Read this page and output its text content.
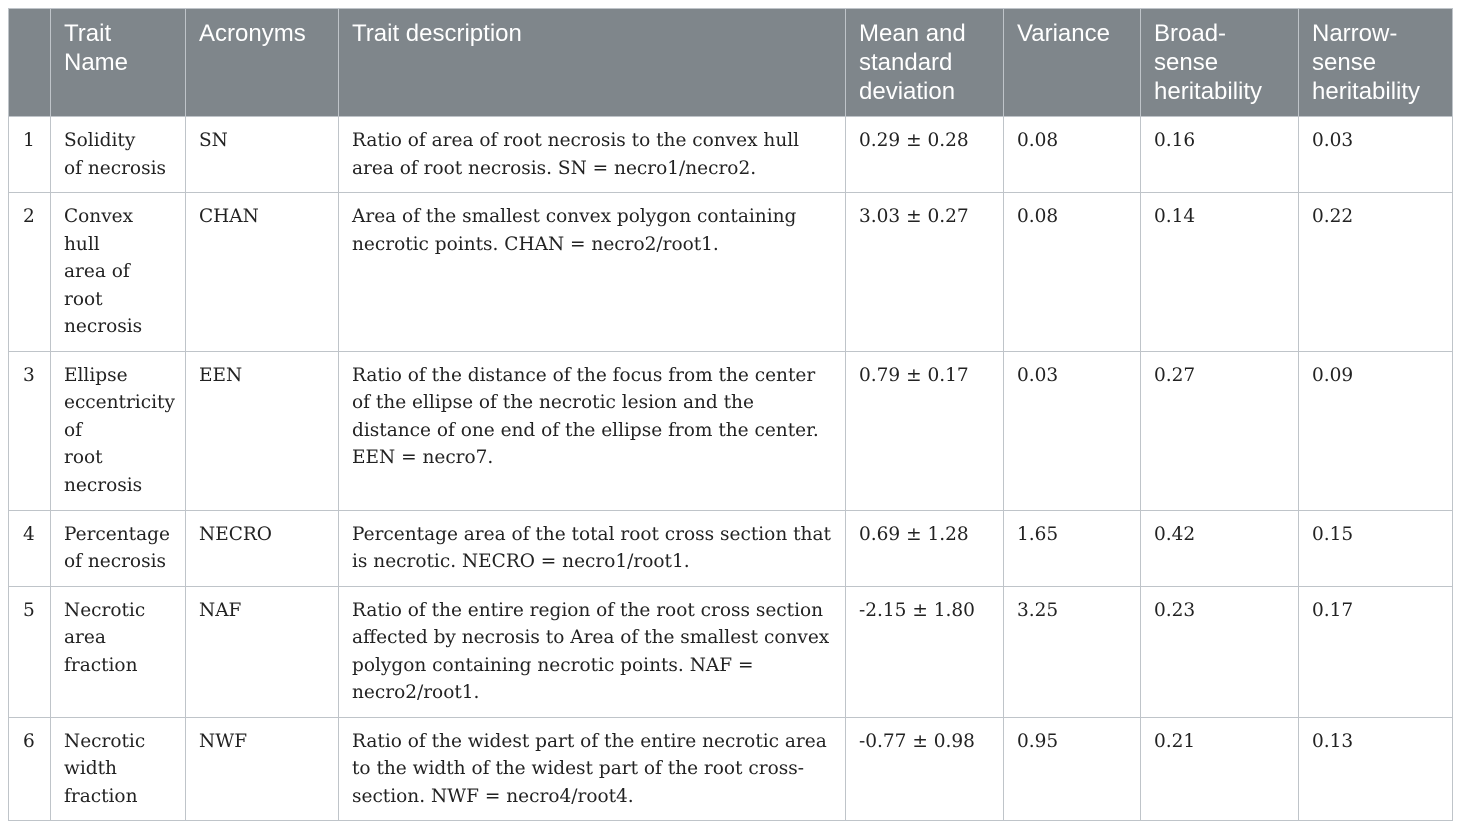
	Trait
Name	Acronyms	Trait description	Mean and
standard
deviation	Variance	Broad-
sense
heritability	Narrow-
sense
heritability
1	Solidity
of necrosis	SN	Ratio of area of root necrosis to the convex hull area of root necrosis. SN = necro1/necro2.	0.29 ± 0.28	0.08	0.16	0.03
2	Convex hull
area of
root
necrosis	CHAN	Area of the smallest convex polygon containing necrotic points. CHAN = necro2/root1.	3.03 ± 0.27	0.08	0.14	0.22
3	Ellipse
eccentricity
of
root
necrosis	EEN	Ratio of the distance of the focus from the center of the ellipse of the necrotic lesion and the distance of one end of the ellipse from the center. EEN = necro7.	0.79 ± 0.17	0.03	0.27	0.09
4	Percentage
of necrosis	NECRO	Percentage area of the total root cross section that is necrotic. NECRO = necro1/root1.	0.69 ± 1.28	1.65	0.42	0.15
5	Necrotic
area fraction	NAF	Ratio of the entire region of the root cross section affected by necrosis to Area of the smallest convex polygon containing necrotic points. NAF = necro2/root1.	-2.15 ± 1.80	3.25	0.23	0.17
6	Necrotic
width
fraction	NWF	Ratio of the widest part of the entire necrotic area to the width of the widest part of the root cross-section. NWF = necro4/root4.	-0.77 ± 0.98	0.95	0.21	0.13
